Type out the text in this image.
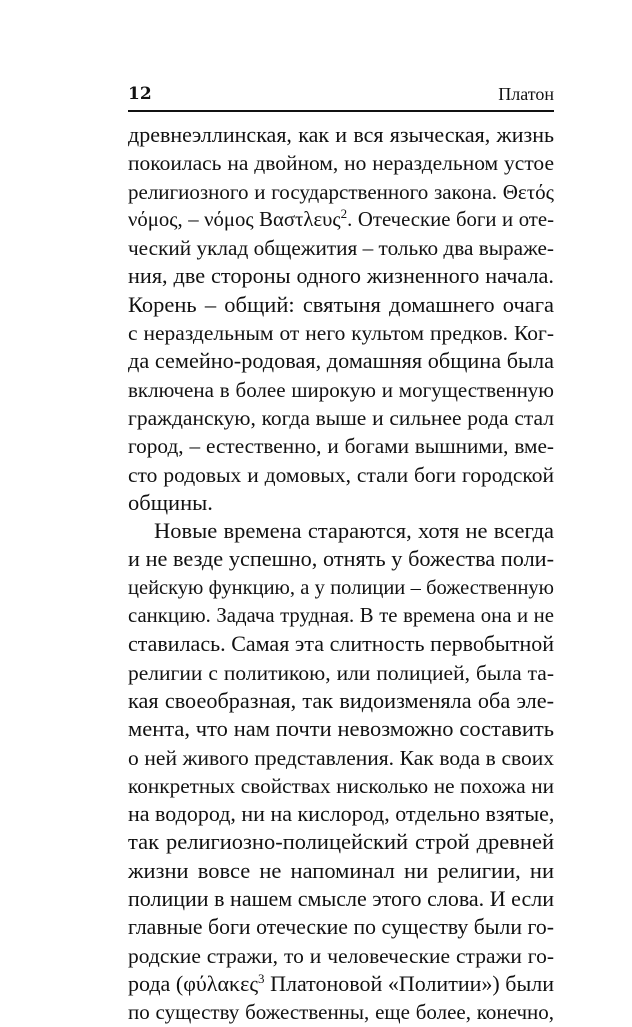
12	Платон
древнеэллинская, как и вся языческая, жизнь
покоилась на двойном, но нераздельном устое
религиозного и государственного закона. Θετός
νόμος, – νόμος Βαστλευς$^2$. Отеческие боги и оте-
ческий уклад общежития – только два выраже-
ния, две стороны одного жизненного начала.
Корень – общий: святыня домашнего очага
с нераздельным от него культом предков. Ког-
да семейно-родовая, домашняя община была
включена в более широкую и могущественную
гражданскую, когда выше и сильнее рода стал
город, – естественно, и богами вышними, вме-
сто родовых и домовых, стали боги городской
общины.
Новые времена стараются, хотя не всегда
и не везде успешно, отнять у божества поли-
цейскую функцию, а у полиции – божественную
санкцию. Задача трудная. В те времена она и не
ставилась. Самая эта слитность первобытной
религии с политикою, или полицией, была та-
кая своеобразная, так видоизменяла оба эле-
мента, что нам почти невозможно составить
о ней живого представления. Как вода в своих
конкретных свойствах нисколько не похожа ни
на водород, ни на кислород, отдельно взятые,
так религиозно-полицейский строй древней
жизни вовсе не напоминал ни религии, ни
полиции в нашем смысле этого слова. И если
главные боги отеческие по существу были го-
родские стражи, то и человеческие стражи го-
рода (φύλακες$^3$ Платоновой «Политии») были
по существу божественны, еще более, конечно,
